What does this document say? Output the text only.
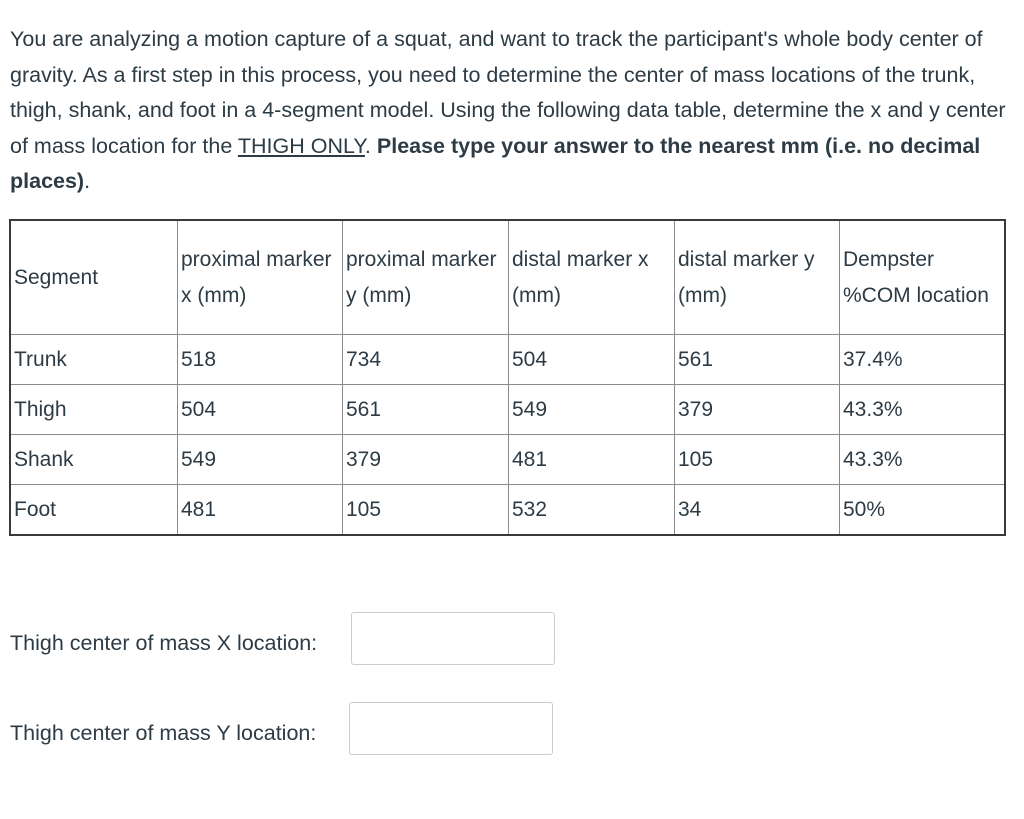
You are analyzing a motion capture of a squat, and want to track the participant's whole body center of gravity. As a first step in this process, you need to determine the center of mass locations of the trunk, thigh, shank, and foot in a 4-segment model. Using the following data table, determine the x and y center of mass location for the THIGH ONLY. Please type your answer to the nearest mm (i.e. no decimal places).
Segment	proximal marker x (mm)	proximal marker y (mm)	distal marker x (mm)	distal marker y (mm)	Dempster %COM location
Trunk	518	734	504	561	37.4%
Thigh	504	561	549	379	43.3%
Shank	549	379	481	105	43.3%
Foot	481	105	532	34	50%
Thigh center of mass X location:
Thigh center of mass Y location:
